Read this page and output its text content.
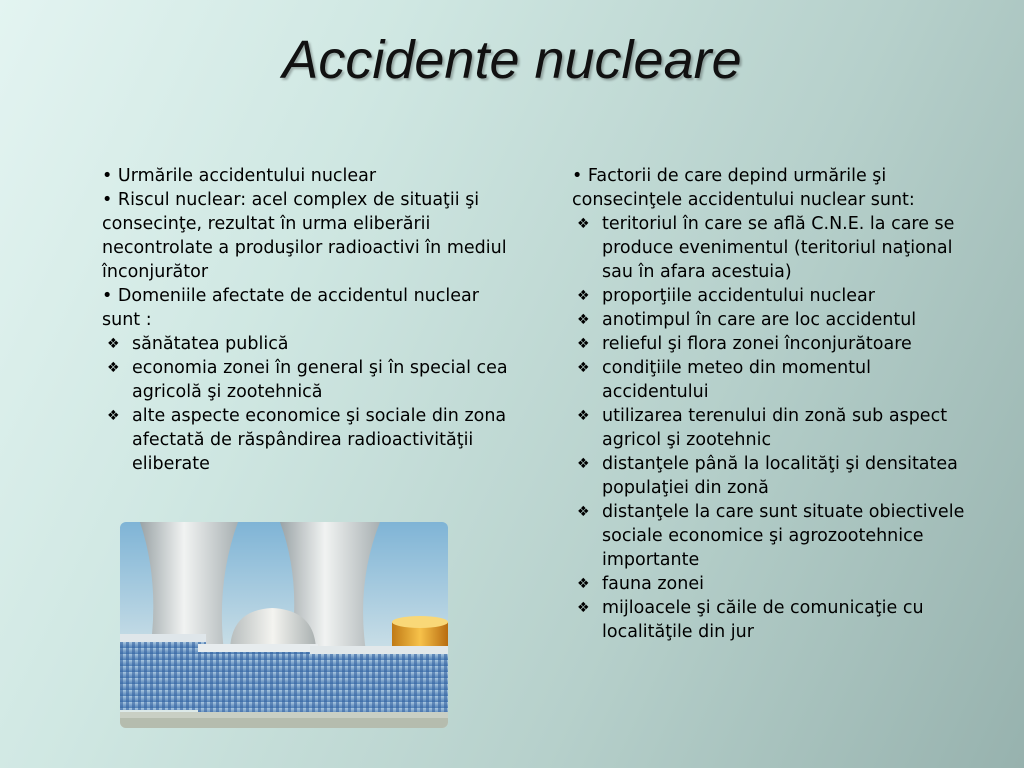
Accidente nucleare
• Urmările accidentului nuclear
• Riscul nuclear: acel complex de situaţii şi consecinţe, rezultat în urma eliberării necontrolate a produşilor radioactivi în mediul înconjurător
• Domeniile afectate de accidentul nuclear sunt :
❖ sănătatea publică
❖ economia zonei în general şi în special cea agricolă şi zootehnică
❖ alte aspecte economice şi sociale din zona afectată de răspândirea radioactivităţii eliberate
• Factorii de care depind urmările şi consecinţele accidentului nuclear sunt:
❖ teritoriul în care se află C.N.E. la care se produce evenimentul (teritoriul naţional sau în afara acestuia)
❖ proporţiile accidentului nuclear
❖ anotimpul în care are loc accidentul
❖ relieful şi flora zonei înconjurătoare
❖ condiţiile meteo din momentul accidentului
❖ utilizarea terenului din zonă sub aspect agricol şi zootehnic
❖ distanţele până la localităţi şi densitatea populaţiei din zonă
❖ distanţele la care sunt situate obiectivele sociale economice şi agrozootehnice importante
❖ fauna zonei
❖ mijloacele şi căile de comunicaţie cu localităţile din jur
